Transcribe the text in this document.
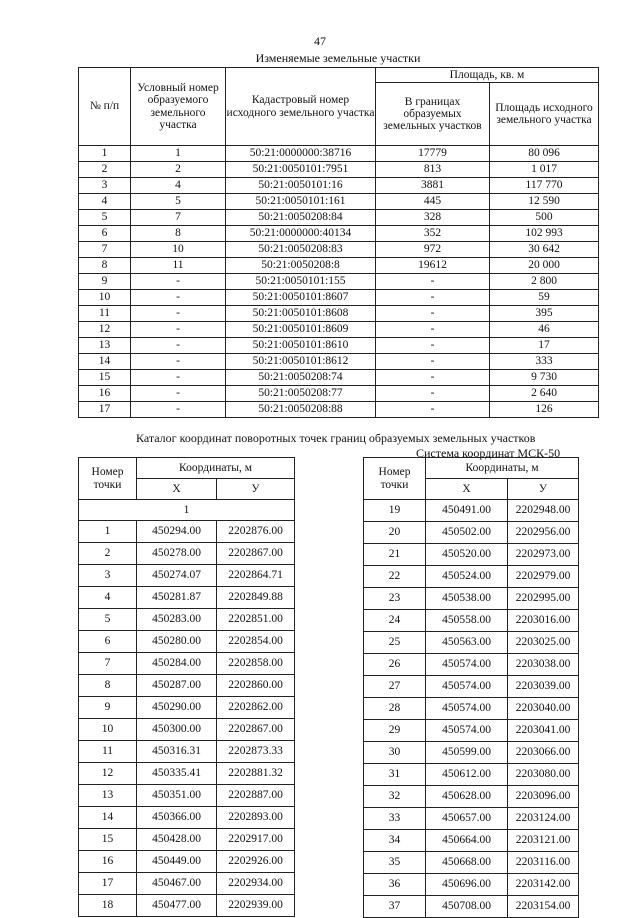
47
Изменяемые земельные участки
№ п/п	Условный номер образуемого земельного участка	Кадастровый номер исходного земельного участка	Площадь, кв. м	
			В границах образуемых земельных участков	Площадь исходного земельного участка
1	1	50:21:0000000:38716	17779	80 096
2	2	50:21:0050101:7951	813	1 017
3	4	50:21:0050101:16	3881	117 770
4	5	50:21:0050101:161	445	12 590
5	7	50:21:0050208:84	328	500
6	8	50:21:0000000:40134	352	102 993
7	10	50:21:0050208:83	972	30 642
8	11	50:21:0050208:8	19612	20 000
9	-	50:21:0050101:155	-	2 800
10	-	50:21:0050101:8607	-	59
11	-	50:21:0050101:8608	-	395
12	-	50:21:0050101:8609	-	46
13	-	50:21:0050101:8610	-	17
14	-	50:21:0050101:8612	-	333
15	-	50:21:0050208:74	-	9 730
16	-	50:21:0050208:77	-	2 640
17	-	50:21:0050208:88	-	126
Каталог координат поворотных точек границ образуемых земельных участков
Система координат МСК-50
Номер точки	Координаты, м	
	Х	У
1		
1	450294.00	2202876.00
2	450278.00	2202867.00
3	450274.07	2202864.71
4	450281.87	2202849.88
5	450283.00	2202851.00
6	450280.00	2202854.00
7	450284.00	2202858.00
8	450287.00	2202860.00
9	450290.00	2202862.00
10	450300.00	2202867.00
11	450316.31	2202873.33
12	450335.41	2202881.32
13	450351.00	2202887.00
14	450366.00	2202893.00
15	450428.00	2202917.00
16	450449.00	2202926.00
17	450467.00	2202934.00
18	450477.00	2202939.00
Номер точки	Координаты, м	
	Х	У
19	450491.00	2202948.00
20	450502.00	2202956.00
21	450520.00	2202973.00
22	450524.00	2202979.00
23	450538.00	2202995.00
24	450558.00	2203016.00
25	450563.00	2203025.00
26	450574.00	2203038.00
27	450574.00	2203039.00
28	450574.00	2203040.00
29	450574.00	2203041.00
30	450599.00	2203066.00
31	450612.00	2203080.00
32	450628.00	2203096.00
33	450657.00	2203124.00
34	450664.00	2203121.00
35	450668.00	2203116.00
36	450696.00	2203142.00
37	450708.00	2203154.00
